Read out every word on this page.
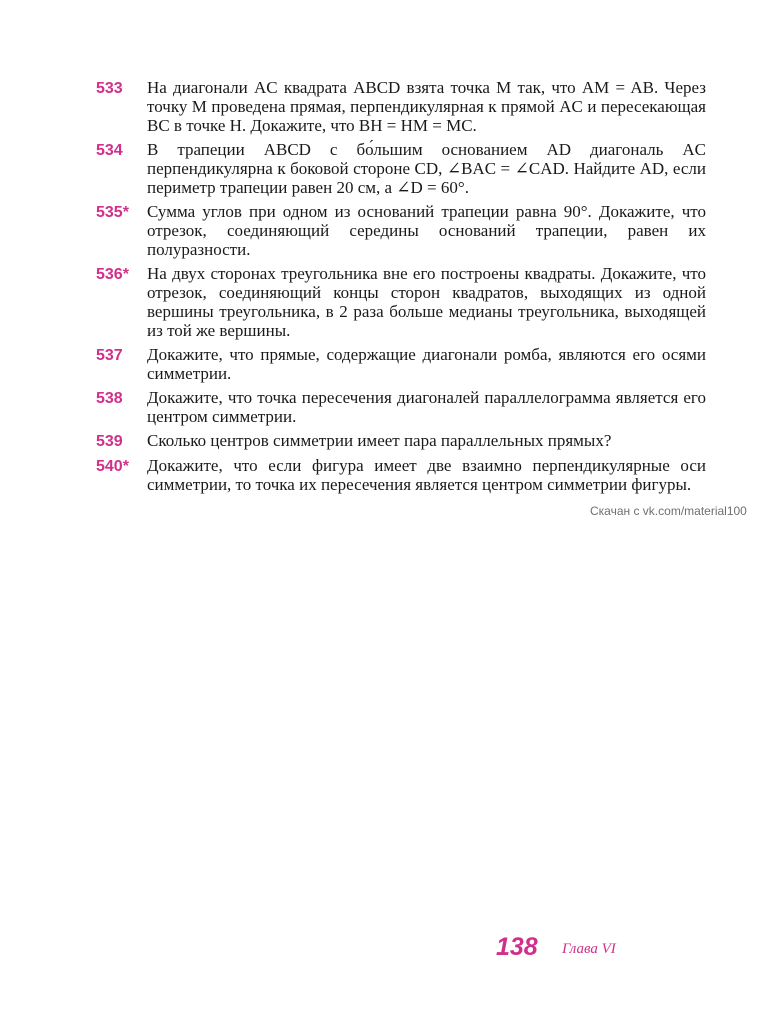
533	На диагонали AC квадрата ABCD взята точка M так, что AM = AB. Через точку M проведена прямая, перпендикулярная к прямой AC и пересекающая BC в точке H. Докажите, что BH = HM = MC.

534	В трапеции ABCD с бо́льшим основанием AD диагональ AC перпендикулярна к боковой стороне CD, ∠BAC = ∠CAD. Найдите AD, если периметр трапеции равен 20 см, а ∠D = 60°.

535*	Сумма углов при одном из оснований трапеции равна 90°. Докажите, что отрезок, соединяющий середины оснований трапеции, равен их полуразности.

536*	На двух сторонах треугольника вне его построены квадраты. Докажите, что отрезок, соединяющий концы сторон квадратов, выходящих из одной вершины треугольника, в 2 раза больше медианы треугольника, выходящей из той же вершины.

537	Докажите, что прямые, содержащие диагонали ромба, являются его осями симметрии.

538	Докажите, что точка пересечения диагоналей параллелограмма является его центром симметрии.

539	Сколько центров симметрии имеет пара параллельных прямых?

540*	Докажите, что если фигура имеет две взаимно перпендикулярные оси симметрии, то точка их пересечения является центром симметрии фигуры.

Скачан с vk.com/material100
138 Глава VI
